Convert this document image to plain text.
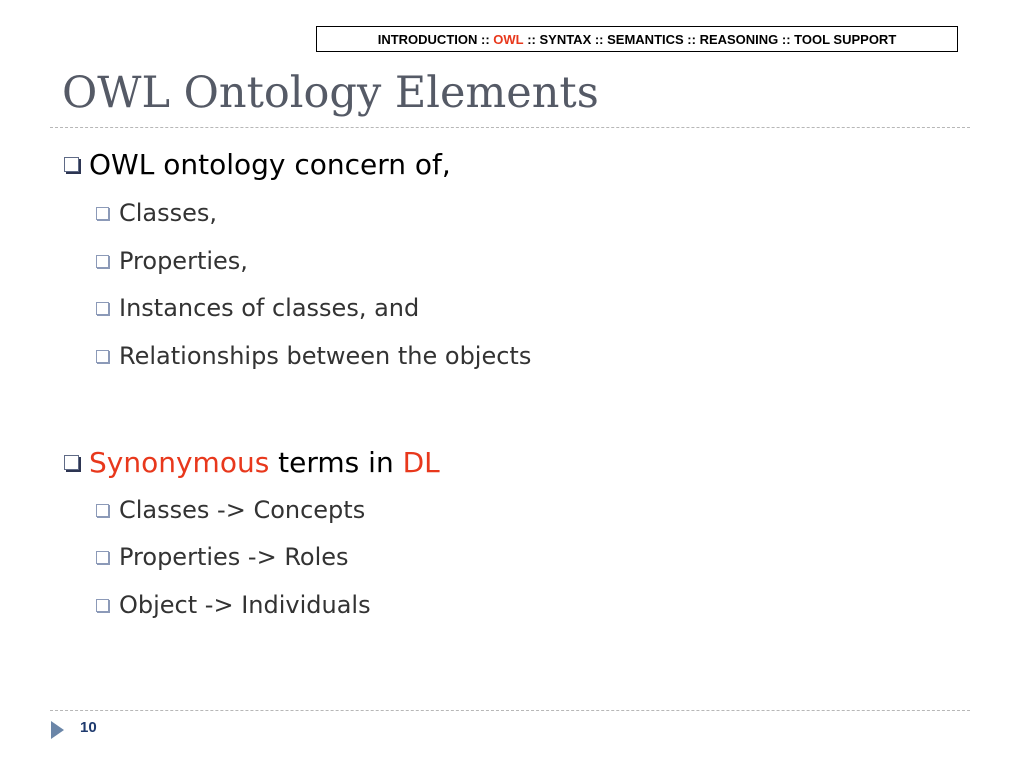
INTRODUCTION :: OWL :: SYNTAX :: SEMANTICS :: REASONING :: TOOL SUPPORT
OWL Ontology Elements
OWL ontology concern of,
Classes,
Properties,
Instances of classes, and
Relationships between the objects
Synonymous terms in DL
Classes -> Concepts
Properties -> Roles
Object -> Individuals
10
